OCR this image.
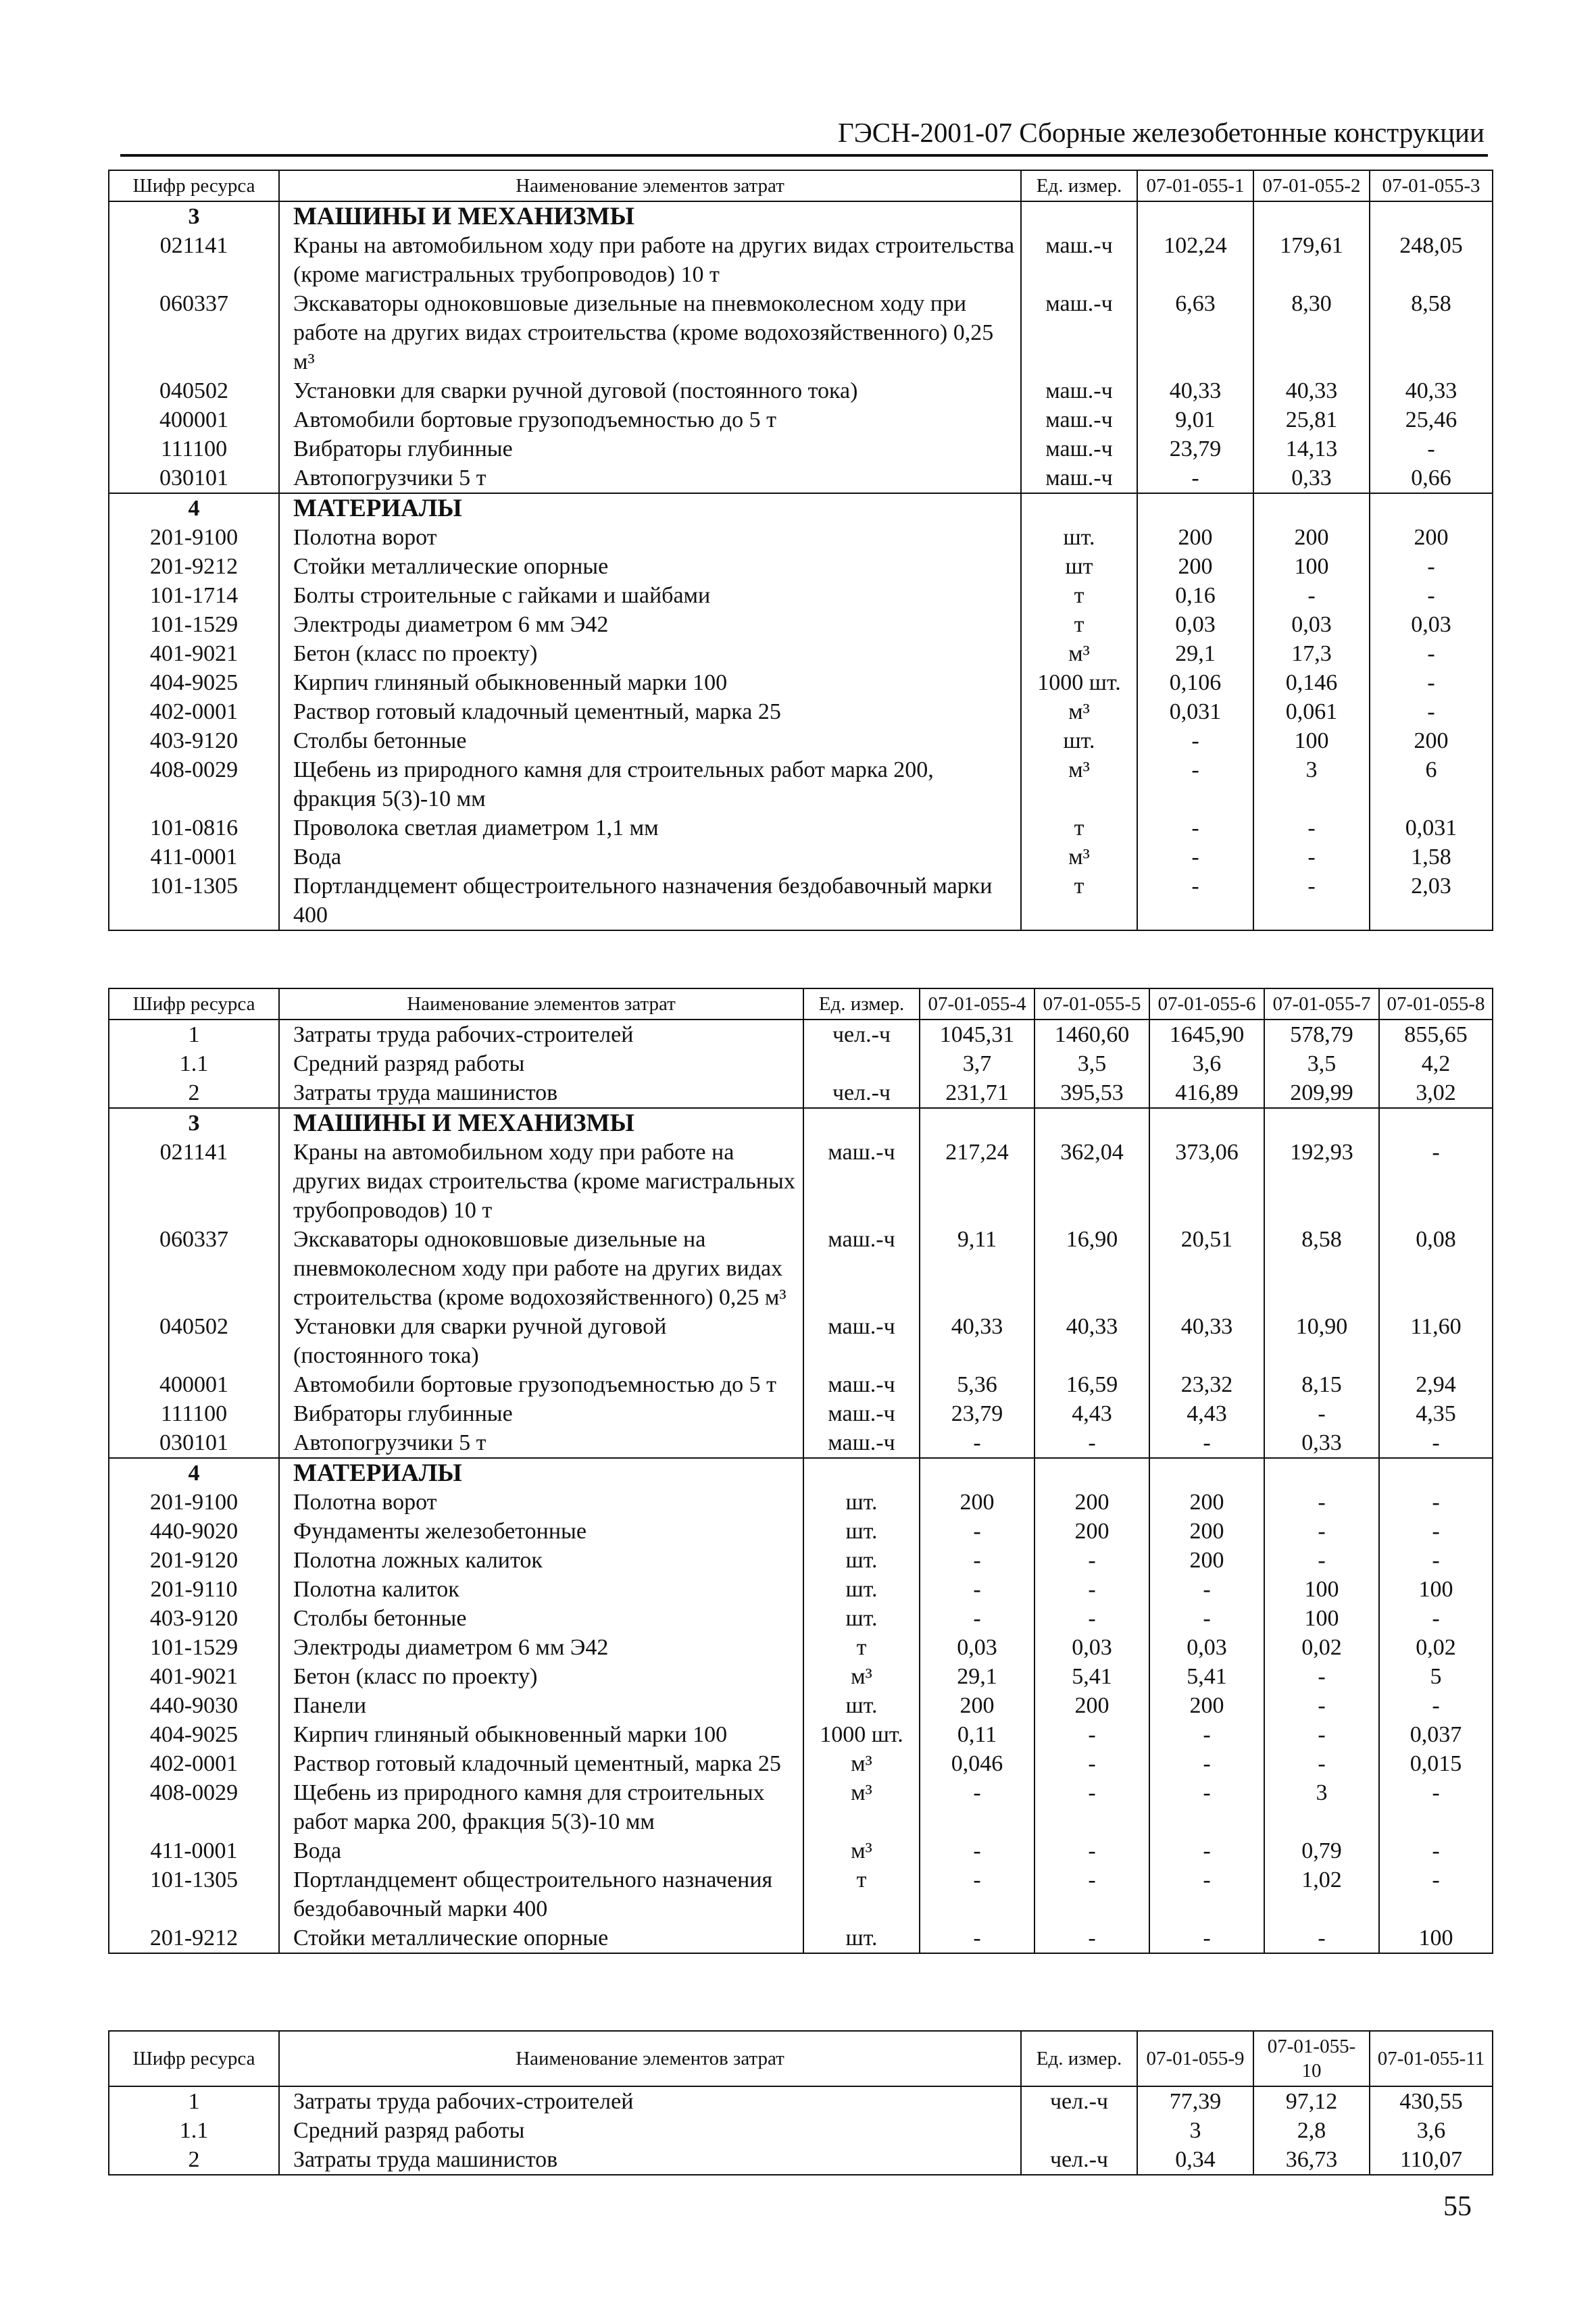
ГЭСН-2001-07 Сборные железобетонные конструкции
Шифр ресурса	Наименование элементов затрат	Ед. измер.	07-01-055-1	07-01-055-2	07-01-055-3
3	МАШИНЫ И МЕХАНИЗМЫ				
021141	Краны на автомобильном ходу при работе на других видах строительства (кроме магистральных трубопроводов) 10 т	маш.-ч	102,24	179,61	248,05
060337	Экскаваторы одноковшовые дизельные на пневмоколесном ходу при работе на других видах строительства (кроме водохозяйственного) 0,25 м³	маш.-ч	6,63	8,30	8,58
040502	Установки для сварки ручной дуговой (постоянного тока)	маш.-ч	40,33	40,33	40,33
400001	Автомобили бортовые грузоподъемностью до 5 т	маш.-ч	9,01	25,81	25,46
111100	Вибраторы глубинные	маш.-ч	23,79	14,13	-
030101	Автопогрузчики 5 т	маш.-ч	-	0,33	0,66
4	МАТЕРИАЛЫ				
201-9100	Полотна ворот	шт.	200	200	200
201-9212	Стойки металлические опорные	шт	200	100	-
101-1714	Болты строительные с гайками и шайбами	т	0,16	-	-
101-1529	Электроды диаметром 6 мм Э42	т	0,03	0,03	0,03
401-9021	Бетон (класс по проекту)	м³	29,1	17,3	-
404-9025	Кирпич глиняный обыкновенный марки 100	1000 шт.	0,106	0,146	-
402-0001	Раствор готовый кладочный цементный, марка 25	м³	0,031	0,061	-
403-9120	Столбы бетонные	шт.	-	100	200
408-0029	Щебень из природного камня для строительных работ марка 200, фракция 5(3)-10 мм	м³	-	3	6
101-0816	Проволока светлая диаметром 1,1 мм	т	-	-	0,031
411-0001	Вода	м³	-	-	1,58
101-1305	Портландцемент общестроительного назначения бездобавочный марки 400	т	-	-	2,03
Шифр ресурса	Наименование элементов затрат	Ед. измер.	07-01-055-4	07-01-055-5	07-01-055-6	07-01-055-7	07-01-055-8
1	Затраты труда рабочих-строителей	чел.-ч	1045,31	1460,60	1645,90	578,79	855,65
1.1	Средний разряд работы		3,7	3,5	3,6	3,5	4,2
2	Затраты труда машинистов	чел.-ч	231,71	395,53	416,89	209,99	3,02
3	МАШИНЫ И МЕХАНИЗМЫ						
021141	Краны на автомобильном ходу при работе на других видах строительства (кроме магистральных трубопроводов) 10 т	маш.-ч	217,24	362,04	373,06	192,93	-
060337	Экскаваторы одноковшовые дизельные на пневмоколесном ходу при работе на других видах строительства (кроме водохозяйственного) 0,25 м³	маш.-ч	9,11	16,90	20,51	8,58	0,08
040502	Установки для сварки ручной дуговой (постоянного тока)	маш.-ч	40,33	40,33	40,33	10,90	11,60
400001	Автомобили бортовые грузоподъемностью до 5 т	маш.-ч	5,36	16,59	23,32	8,15	2,94
111100	Вибраторы глубинные	маш.-ч	23,79	4,43	4,43	-	4,35
030101	Автопогрузчики 5 т	маш.-ч	-	-	-	0,33	-
4	МАТЕРИАЛЫ						
201-9100	Полотна ворот	шт.	200	200	200	-	-
440-9020	Фундаменты железобетонные	шт.	-	200	200	-	-
201-9120	Полотна ложных калиток	шт.	-	-	200	-	-
201-9110	Полотна калиток	шт.	-	-	-	100	100
403-9120	Столбы бетонные	шт.	-	-	-	100	-
101-1529	Электроды диаметром 6 мм Э42	т	0,03	0,03	0,03	0,02	0,02
401-9021	Бетон (класс по проекту)	м³	29,1	5,41	5,41	-	5
440-9030	Панели	шт.	200	200	200	-	-
404-9025	Кирпич глиняный обыкновенный марки 100	1000 шт.	0,11	-	-	-	0,037
402-0001	Раствор готовый кладочный цементный, марка 25	м³	0,046	-	-	-	0,015
408-0029	Щебень из природного камня для строительных работ марка 200, фракция 5(3)-10 мм	м³	-	-	-	3	-
411-0001	Вода	м³	-	-	-	0,79	-
101-1305	Портландцемент общестроительного назначения бездобавочный марки 400	т	-	-	-	1,02	-
201-9212	Стойки металлические опорные	шт.	-	-	-	-	100
Шифр ресурса	Наименование элементов затрат	Ед. измер.	07-01-055-9	07-01-055-10	07-01-055-11
1	Затраты труда рабочих-строителей	чел.-ч	77,39	97,12	430,55
1.1	Средний разряд работы		3	2,8	3,6
2	Затраты труда машинистов	чел.-ч	0,34	36,73	110,07
55
